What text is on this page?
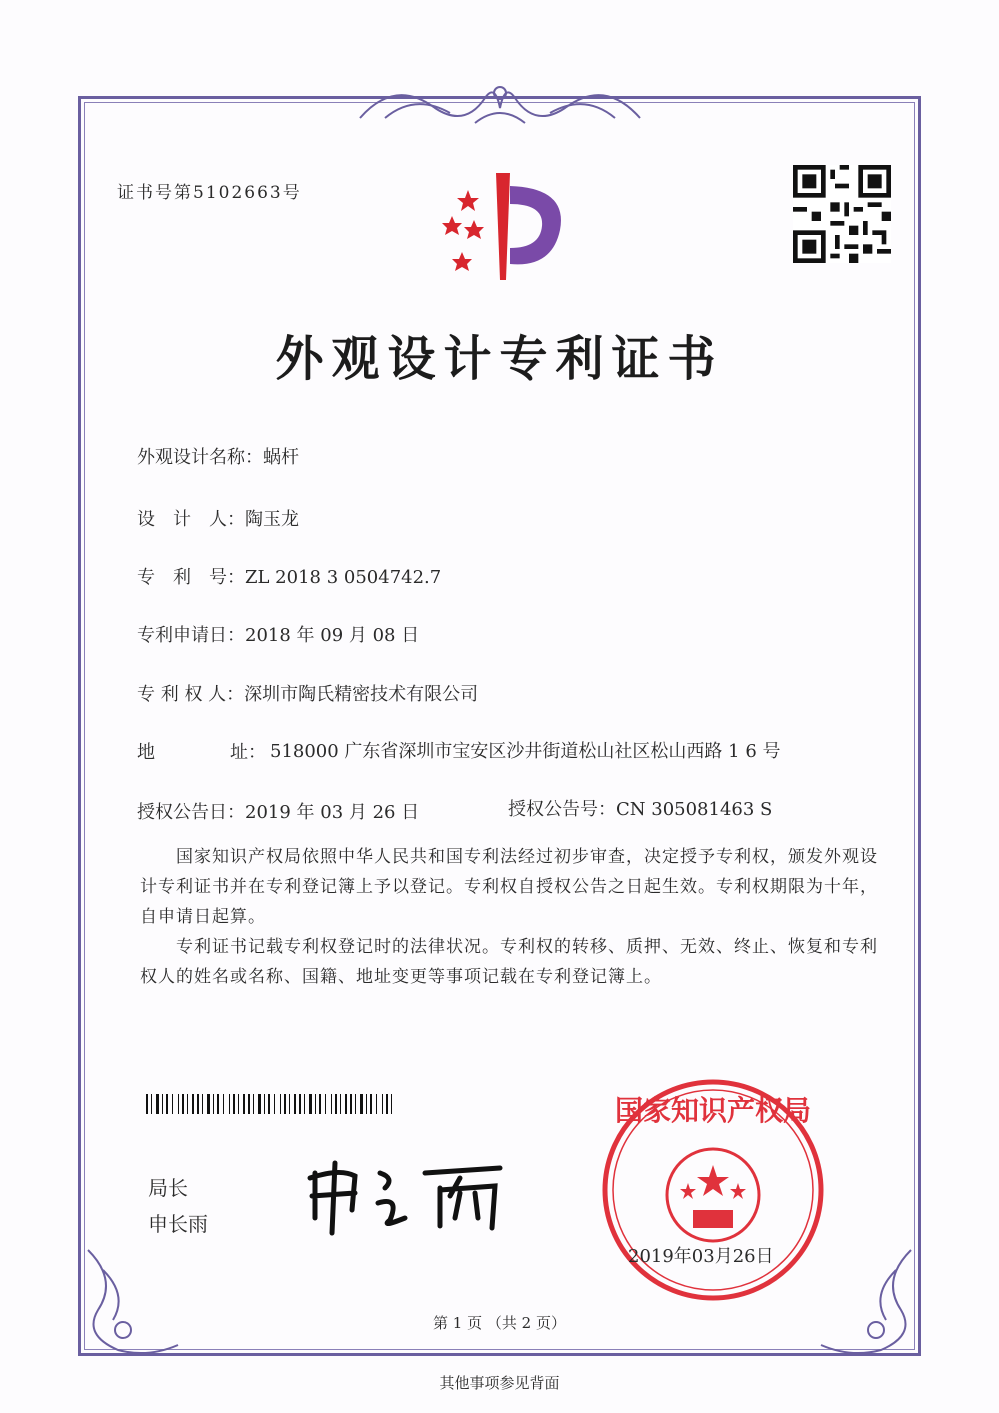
证书号第5102663号
外观设计专利证书
外观设计名称：蜗杆
设　计　人：陶玉龙
专　利　号：ZL 2018 3 0504742.7
专利申请日：2018 年 09 月 08 日
专 利 权 人：深圳市陶氏精密技术有限公司
地	址： 518000 广东省深圳市宝安区沙井街道松山社区松山西路 1 6 号
授权公告日：2019 年 03 月 26 日	授权公告号：CN 305081463 S
国家知识产权局依照中华人民共和国专利法经过初步审查，决定授予专利权，颁发外观设计专利证书并在专利登记簿上予以登记。专利权自授权公告之日起生效。专利权期限为十年，自申请日起算。
专利证书记载专利权登记时的法律状况。专利权的转移、质押、无效、终止、恢复和专利权人的姓名或名称、国籍、地址变更等事项记载在专利登记簿上。
局长
申长雨
国家知识产权局
2019年03月26日
第 1 页 （共 2 页）
其他事项参见背面
